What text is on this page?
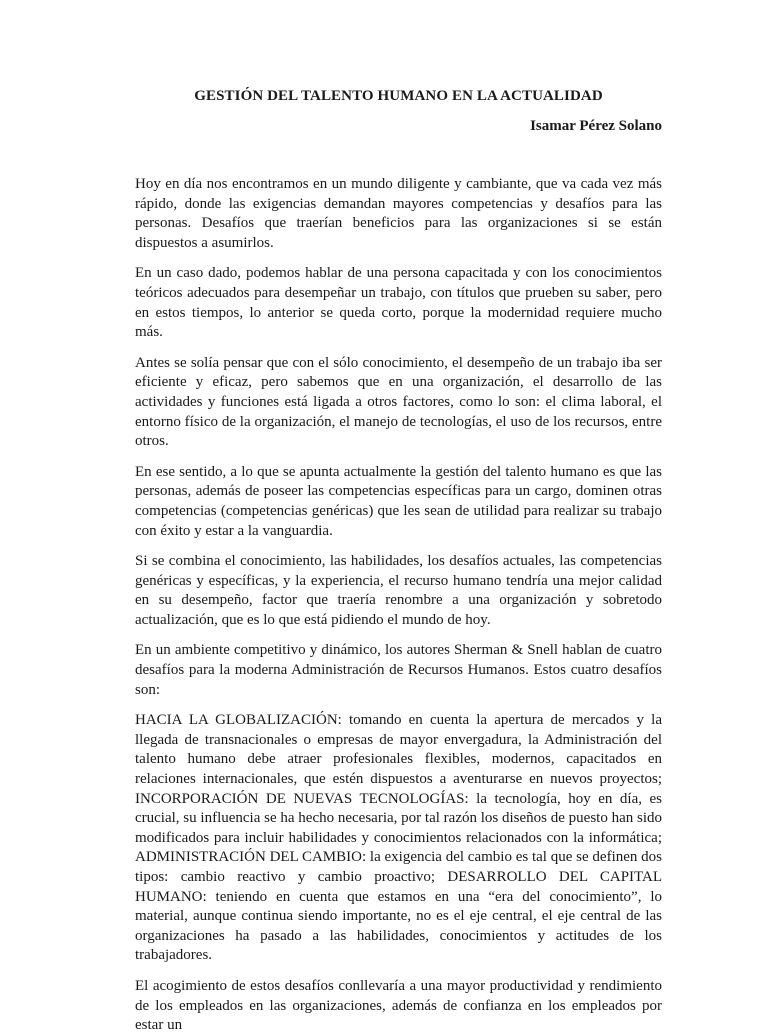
GESTIÓN DEL TALENTO HUMANO EN LA ACTUALIDAD
Isamar Pérez Solano

Hoy en día nos encontramos en un mundo diligente y cambiante, que va cada vez más rápido, donde las exigencias demandan mayores competencias y desafíos para las personas. Desafíos que traerían beneficios para las organizaciones si se están dispuestos a asumirlos.

En un caso dado, podemos hablar de una persona capacitada y con los conocimientos teóricos adecuados para desempeñar un trabajo, con títulos que prueben su saber, pero en estos tiempos, lo anterior se queda corto, porque la modernidad requiere mucho más.

Antes se solía pensar que con el sólo conocimiento, el desempeño de un trabajo iba ser eficiente y eficaz, pero sabemos que en una organización, el desarrollo de las actividades y funciones está ligada a otros factores, como lo son: el clima laboral, el entorno físico de la organización, el manejo de tecnologías, el uso de los recursos, entre otros.

En ese sentido, a lo que se apunta actualmente la gestión del talento humano es que las personas, además de poseer las competencias específicas para un cargo, dominen otras competencias (competencias genéricas) que les sean de utilidad para realizar su trabajo con éxito y estar a la vanguardia.

Si se combina el conocimiento, las habilidades, los desafíos actuales, las competencias genéricas y específicas, y la experiencia, el recurso humano tendría una mejor calidad en su desempeño, factor que traería renombre a una organización y sobretodo actualización, que es lo que está pidiendo el mundo de hoy.

En un ambiente competitivo y dinámico, los autores Sherman & Snell hablan de cuatro desafíos para la moderna Administración de Recursos Humanos. Estos cuatro desafíos son:

HACIA LA GLOBALIZACIÓN: tomando en cuenta la apertura de mercados y la llegada de transnacionales o empresas de mayor envergadura, la Administración del talento humano debe atraer profesionales flexibles, modernos, capacitados en relaciones internacionales, que estén dispuestos a aventurarse en nuevos proyectos; INCORPORACIÓN DE NUEVAS TECNOLOGÍAS: la tecnología, hoy en día, es crucial, su influencia se ha hecho necesaria, por tal razón los diseños de puesto han sido modificados para incluir habilidades y conocimientos relacionados con la informática; ADMINISTRACIÓN DEL CAMBIO: la exigencia del cambio es tal que se definen dos tipos: cambio reactivo y cambio proactivo; DESARROLLO DEL CAPITAL HUMANO: teniendo en cuenta que estamos en una “era del conocimiento”, lo material, aunque continua siendo importante, no es el eje central, el eje central de las organizaciones ha pasado a las habilidades, conocimientos y actitudes de los trabajadores.

El acogimiento de estos desafíos conllevaría a una mayor productividad y rendimiento de los empleados en las organizaciones, además de confianza en los empleados por estar un
